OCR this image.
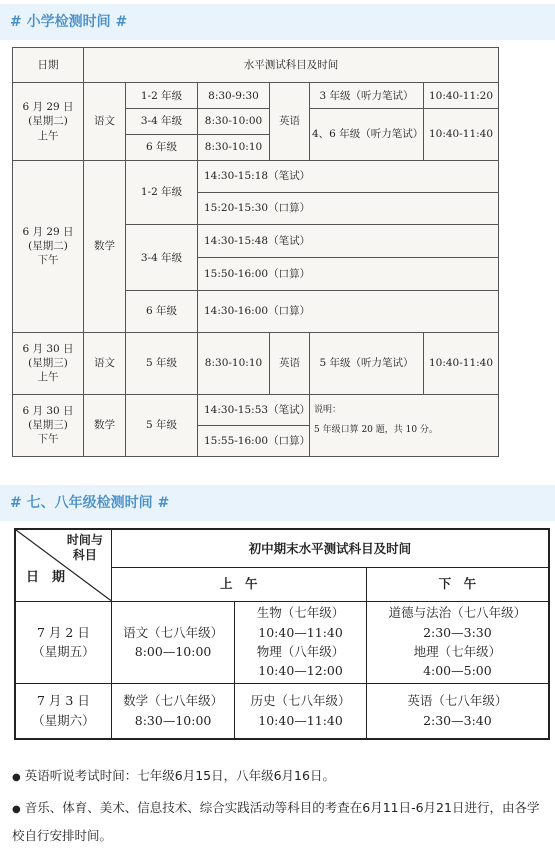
# 小学检测时间 #
日期	水平测试科目及时间					

6 月 29 日
(星期二)
上午	语文	1-2 年级	8:30-9:30	英语	3 年级（听力笔试）	10:40-11:20
		3-4 年级	8:30-10:00		4、6 年级（听力笔试）	10:40-11:40
		6 年级	8:30-10:10			

6 月 29 日
(星期二)
下午	数学	1-2 年级	14:30-15:18（笔试）			
			15:20-15:30（口算）			
		3-4 年级	14:30-15:48（笔试）			
			15:50-16:00（口算）			
		6 年级	14:30-16:00（口算）			

6 月 30 日
(星期三)
上午	语文	5 年级	8:30-10:10	英语	5 年级（听力笔试）	10:40-11:40

6 月 30 日
(星期三)
下午	数学	5 年级	14:30-15:53（笔试）		说明：
5 年级口算 20 题，共 10 分。	

			15:55-16:00（口算）			
# 七、八年级检测时间 #
时间与
科目
日　期	初中期末水平测试科目及时间		
	上　午		下　午

7 月 2 日
（星期五）	语文（七八年级）
8:00—10:00	生物（七年级）
10:40—11:40
物理（八年级）
10:40—12:00	道德与法治（七八年级）
2:30—3:30
地理（七年级）
4:00—5:00

7 月 3 日
（星期六）	数学（七八年级）
8:30—10:00	历史（七八年级）
10:40—11:40	英语（七八年级）
2:30—3:40

● 英语听说考试时间：七年级6月15日，八年级6月16日。

● 音乐、体育、美术、信息技术、综合实践活动等科目的考查在6月11日-6月21日进行，由各学校自行安排时间。
